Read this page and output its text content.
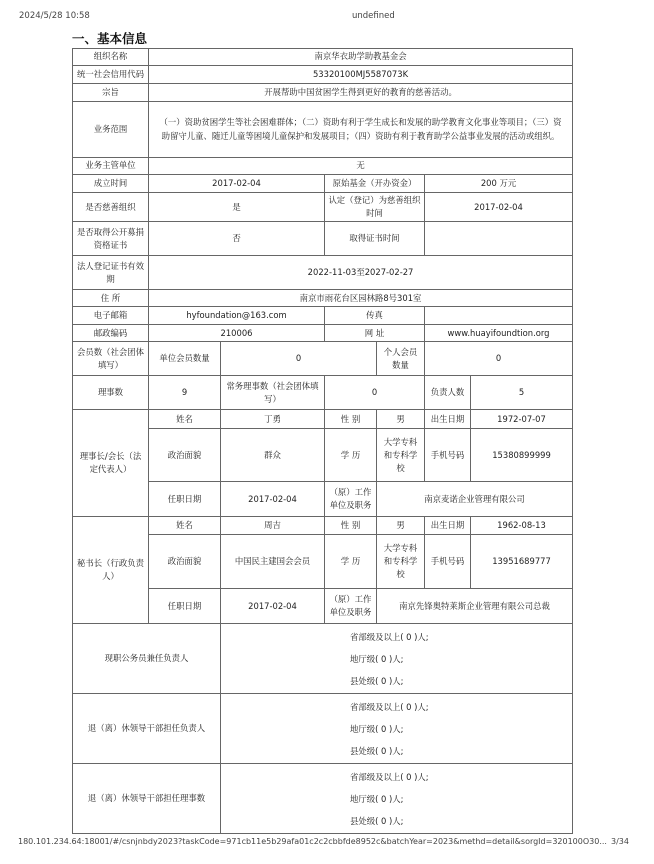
2024/5/28 10:58	undefined
一、基本信息
组织名称	南京华衣助学助教基金会					
统一社会信用代码	53320100MJ5587073K					
宗旨	开展帮助中国贫困学生得到更好的教育的慈善活动。					
业务范围	（一）资助贫困学生等社会困难群体；（二）资助有利于学生成长和发展的助学教育文化事业等项目；（三）资助留守儿童、随迁儿童等困境儿童保护和发展项目；（四）资助有利于教育助学公益事业发展的活动或组织。					
业务主管单位	无					
成立时间	2017-02-04		原始基金（开办资金）		200 万元	
是否慈善组织	是		认定（登记）为慈善组织时间		2017-02-04	
是否取得公开募捐资格证书	否		取得证书时间			
法人登记证书有效期	2022-11-03至2027-02-27					
住 所	南京市雨花台区园林路8号301室					
电子邮箱	hyfoundation@163.com		传真			
邮政编码	210006		网 址		www.huayifoundtion.org	
会员数（社会团体填写）	单位会员数量	0		个人会员数量	0	
理事数	9	常务理事数（社会团体填写）	0		负责人数	5
理事长/会长（法定代表人）	姓名	丁勇	性 别	男	出生日期	1972-07-07
	政治面貌	群众	学 历	大学专科和专科学校	手机号码	15380899999
	任职日期	2017-02-04	（原）工作单位及职务	南京麦诺企业管理有限公司		
秘书长（行政负责人）	姓名	周吉	性 别	男	出生日期	1962-08-13
	政治面貌	中国民主建国会会员	学 历	大学专科和专科学校	手机号码	13951689777
	任职日期	2017-02-04	（原）工作单位及职务	南京先锋奥特莱斯企业管理有限公司总裁		
现职公务员兼任负责人		省部级及以上( 0 )人;
地厅级( 0 )人;
县处级( 0 )人;				

退（离）休领导干部担任负责人		省部级及以上( 0 )人;
地厅级( 0 )人;
县处级( 0 )人;				

退（离）休领导干部担任理事数		省部级及以上( 0 )人;
地厅级( 0 )人;
县处级( 0 )人;				
180.101.234.64:18001/#/csnjnbdy2023?taskCode=971cb11e5b29afa01c2c2cbbfde8952c&batchYear=2023&methd=detail&sorgId=320100O30... 3/34
